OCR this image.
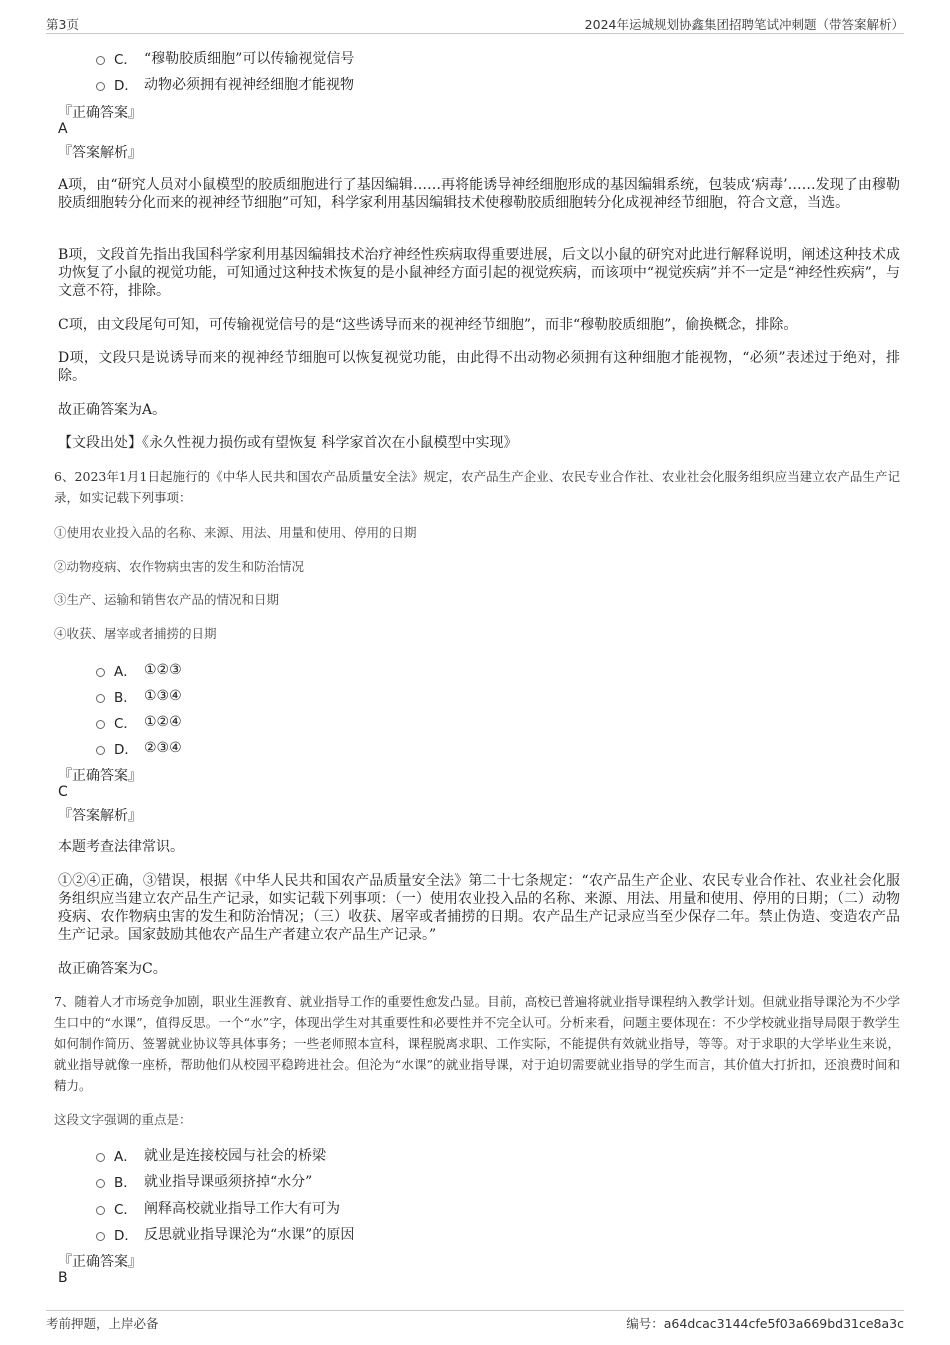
第3页	2024年运城规划协鑫集团招聘笔试冲刺题（带答案解析）
C． “穆勒胶质细胞”可以传输视觉信号
D． 动物必须拥有视神经细胞才能视物
『正确答案』
A
『答案解析』
A项，由“研究人员对小鼠模型的胶质细胞进行了基因编辑……再将能诱导神经细胞形成的基因编辑系统，包装成‘病毒’……发现了由穆勒胶质细胞转分化而来的视神经节细胞”可知，科学家利用基因编辑技术使穆勒胶质细胞转分化成视神经节细胞，符合文意，当选。
B项，文段首先指出我国科学家利用基因编辑技术治疗神经性疾病取得重要进展，后文以小鼠的研究对此进行解释说明，阐述这种技术成功恢复了小鼠的视觉功能，可知通过这种技术恢复的是小鼠神经方面引起的视觉疾病，而该项中“视觉疾病”并不一定是“神经性疾病”，与文意不符，排除。
C项，由文段尾句可知，可传输视觉信号的是“这些诱导而来的视神经节细胞”，而非“穆勒胶质细胞”，偷换概念，排除。
D项，文段只是说诱导而来的视神经节细胞可以恢复视觉功能，由此得不出动物必须拥有这种细胞才能视物，“必须”表述过于绝对，排除。
故正确答案为A。
【文段出处】《永久性视力损伤或有望恢复 科学家首次在小鼠模型中实现》
6、2023年1月1日起施行的《中华人民共和国农产品质量安全法》规定，农产品生产企业、农民专业合作社、农业社会化服务组织应当建立农产品生产记录，如实记载下列事项：
①使用农业投入品的名称、来源、用法、用量和使用、停用的日期
②动物疫病、农作物病虫害的发生和防治情况
③生产、运输和销售农产品的情况和日期
④收获、屠宰或者捕捞的日期
A． ①②③
B． ①③④
C． ①②④
D． ②③④
『正确答案』
C
『答案解析』
本题考查法律常识。
①②④正确，③错误，根据《中华人民共和国农产品质量安全法》第二十七条规定：“农产品生产企业、农民专业合作社、农业社会化服务组织应当建立农产品生产记录，如实记载下列事项：（一）使用农业投入品的名称、来源、用法、用量和使用、停用的日期；（二）动物疫病、农作物病虫害的发生和防治情况；（三）收获、屠宰或者捕捞的日期。农产品生产记录应当至少保存二年。禁止伪造、变造农产品生产记录。国家鼓励其他农产品生产者建立农产品生产记录。”
故正确答案为C。
7、随着人才市场竞争加剧，职业生涯教育、就业指导工作的重要性愈发凸显。目前，高校已普遍将就业指导课程纳入教学计划。但就业指导课沦为不少学生口中的“水课”，值得反思。一个“水”字，体现出学生对其重要性和必要性并不完全认可。分析来看，问题主要体现在：不少学校就业指导局限于教学生如何制作简历、签署就业协议等具体事务；一些老师照本宣科，课程脱离求职、工作实际，不能提供有效就业指导，等等。对于求职的大学毕业生来说，就业指导就像一座桥，帮助他们从校园平稳跨进社会。但沦为“水课”的就业指导课，对于迫切需要就业指导的学生而言，其价值大打折扣，还浪费时间和精力。
这段文字强调的重点是：
A． 就业是连接校园与社会的桥梁
B． 就业指导课亟须挤掉“水分”
C． 阐释高校就业指导工作大有可为
D． 反思就业指导课沦为“水课”的原因
『正确答案』
B
考前押题，上岸必备	编号：a64dcac3144cfe5f03a669bd31ce8a3c
